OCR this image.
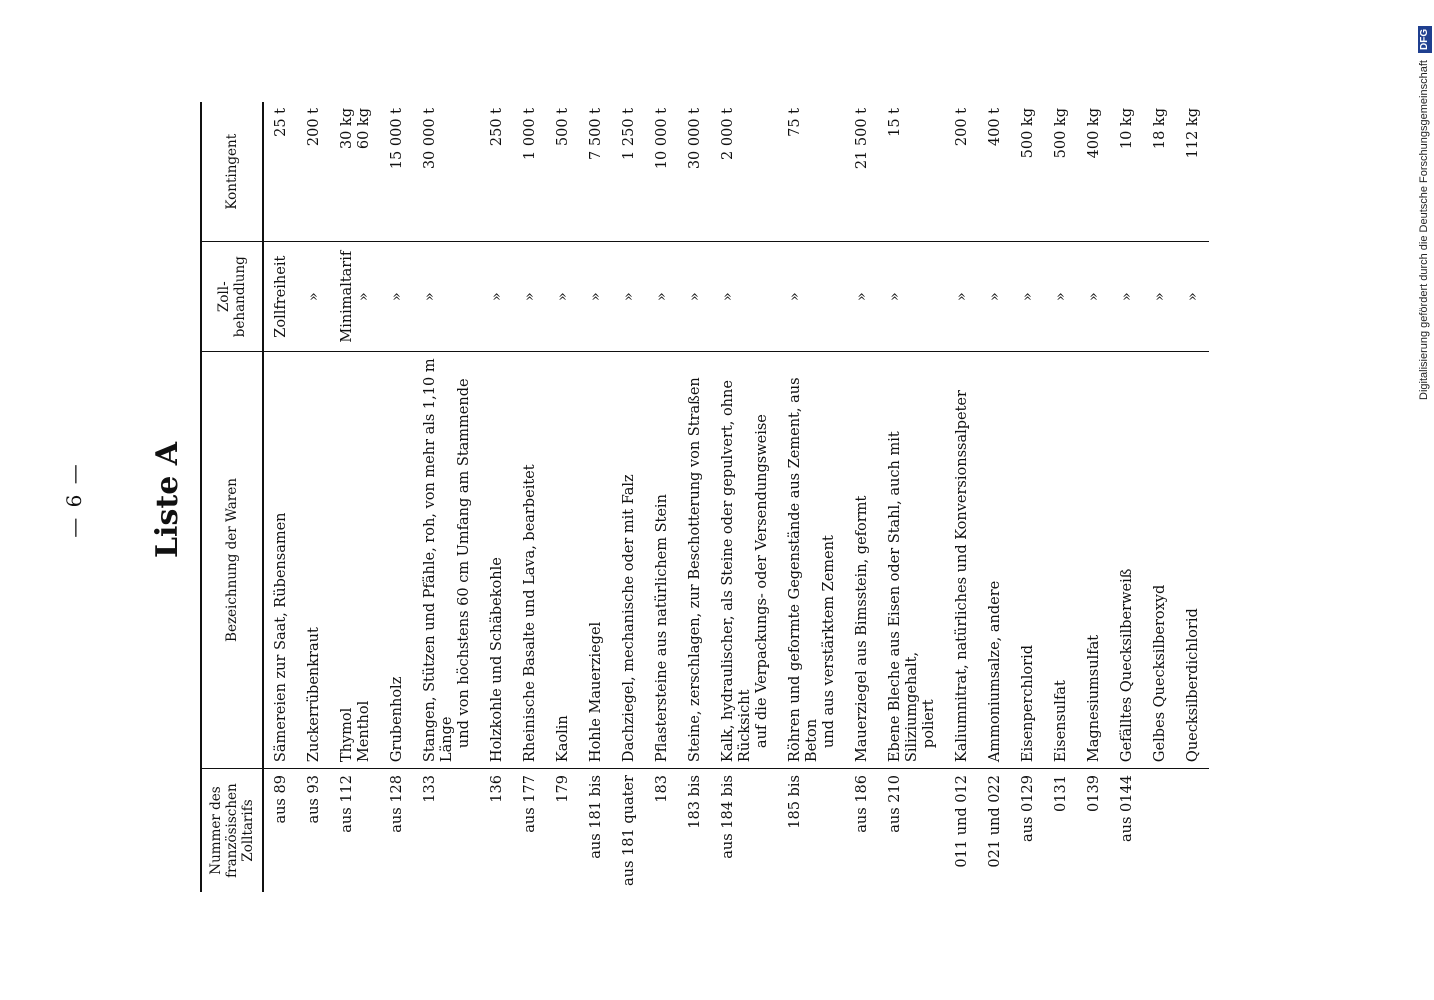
— 6 — Liste A
Nummer des französischen Zolltarifs	Bezeichnung der Waren	Zollbehandlung	Kontingent
aus 89	Sämereien zur Saat, Rübensamen	Zollfreiheit	25 t

aus 93	Zuckerrübenkraut	»	200 t

aus 112	Thymol Menthol	Minimaltarif »	30 kg 60 kg

aus 128	Grubenholz	»	15 000 t

133	Stangen, Stützen und Pfähle, roh, von mehr als 1,10 m Länge und von höchstens 60 cm Umfang am Stammende	»	30 000 t

136	Holzkohle und Schäbekohle	»	250 t

aus 177	Rheinische Basalte und Lava, bearbeitet	»	1 000 t

179	Kaolin	»	500 t

aus 181 bis	Hohle Mauerziegel	»	7 500 t

aus 181 quater	Dachziegel, mechanische oder mit Falz	»	1 250 t

183	Pflastersteine aus natürlichem Stein	»	10 000 t

183 bis	Steine, zerschlagen, zur Beschotterung von Straßen	»	30 000 t

aus 184 bis	Kalk, hydraulischer, als Steine oder gepulvert, ohne Rücksicht auf die Verpackungs- oder Versendungsweise	»	2 000 t

185 bis	Röhren und geformte Gegenstände aus Zement, aus Beton und aus verstärktem Zement	»	75 t

aus 186	Mauerziegel aus Bimsstein, geformt	»	21 500 t

aus 210	Ebene Bleche aus Eisen oder Stahl, auch mit Siliziumgehalt, poliert	»	15 t

011 und 012	Kaliumnitrat, natürliches und Konversionssalpeter	»	200 t

021 und 022	Ammoniumsalze, andere	»	400 t

aus 0129	Eisenperchlorid	»	500 kg

0131	Eisensulfat	»	500 kg

0139	Magnesiumsulfat	»	400 kg

aus 0144	Gefälltes Quecksilberweiß	»	10 kg

	Gelbes Quecksilberoxyd	»	18 kg

	Quecksilberdichlorid	»	112 kg	Digitalisierung gefördert durch die Deutsche Forschungsgemeinschaft DFG
